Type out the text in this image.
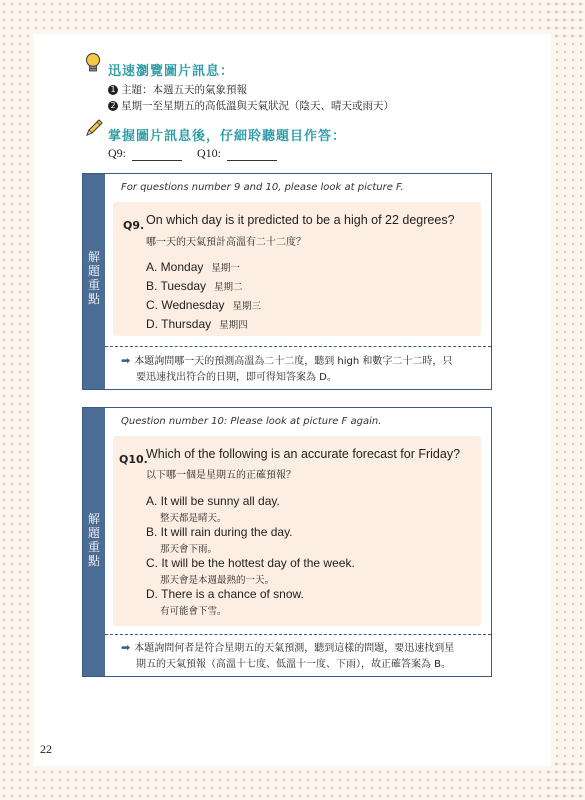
迅速瀏覽圖片訊息：
1 主題：本週五天的氣象預報
2 星期一至星期五的高低溫與天氣狀況（陰天、晴天或雨天）
掌握圖片訊息後，仔細聆聽題目作答：
Q9:	Q10:
解
題
重
點
For questions number 9 and 10, please look at picture F.
Q9. On which day is it predicted to be a high of 22 degrees?
哪一天的天氣預計高溫有二十二度？
A. Monday 星期一
B. Tuesday 星期二
C. Wednesday 星期三
D. Thursday 星期四
➡ 本題詢問哪一天的預測高溫為二十二度，聽到 high 和數字二十二時，只
要迅速找出符合的日期，即可得知答案為 D。
解
題
重
點
Question number 10: Please look at picture F again.
Q10.
Which of the following is an accurate forecast for Friday?
以下哪一個是星期五的正確預報？
A. It will be sunny all day.
整天都是晴天。
B. It will rain during the day.
那天會下雨。
C. It will be the hottest day of the week.
那天會是本週最熱的一天。
D. There is a chance of snow.
有可能會下雪。
➡ 本題詢問何者是符合星期五的天氣預測，聽到這樣的問題，要迅速找到星
期五的天氣預報（高溫十七度、低溫十一度、下雨），故正確答案為 B。
22
